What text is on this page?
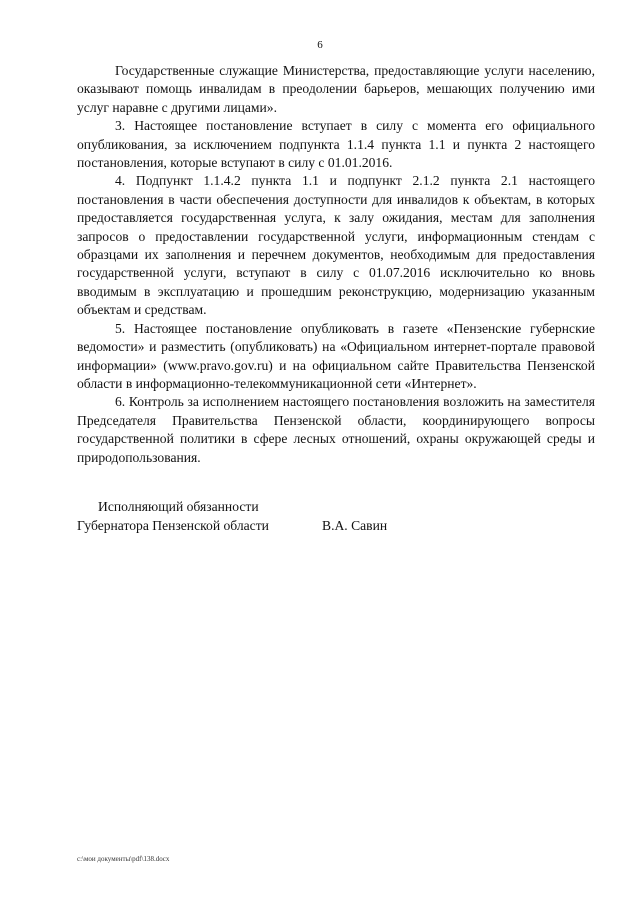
6

Государственные служащие Министерства, предоставляющие услуги населению, оказывают помощь инвалидам в преодолении барьеров, мешающих получению ими услуг наравне с другими лицами».

3. Настоящее постановление вступает в силу с момента его официального опубликования, за исключением подпункта 1.1.4 пункта 1.1 и пункта 2 настоящего постановления, которые вступают в силу с 01.01.2016.

4. Подпункт 1.1.4.2 пункта 1.1 и подпункт 2.1.2 пункта 2.1 настоящего постановления в части обеспечения доступности для инвалидов к объектам, в которых предоставляется государственная услуга, к залу ожидания, местам для заполнения запросов о предоставлении государственной услуги, информационным стендам с образцами их заполнения и перечнем документов, необходимым для предоставления государственной услуги, вступают в силу с 01.07.2016 исключительно ко вновь вводимым в эксплуатацию и прошедшим реконструкцию, модернизацию указанным объектам и средствам.

5. Настоящее постановление опубликовать в газете «Пензенские губернские ведомости» и разместить (опубликовать) на «Официальном интернет-портале правовой информации» (www.pravo.gov.ru) и на официальном сайте Правительства Пензенской области в информационно-телекоммуникационной сети «Интернет».

6. Контроль за исполнением настоящего постановления возложить на заместителя Председателя Правительства Пензенской области, координирующего вопросы государственной политики в сфере лесных отношений, охраны окружающей среды и природопользования.

Исполняющий обязанности
Губернатора Пензенской области	В.А. Савин
c:\мои документы\pdf\138.docx
